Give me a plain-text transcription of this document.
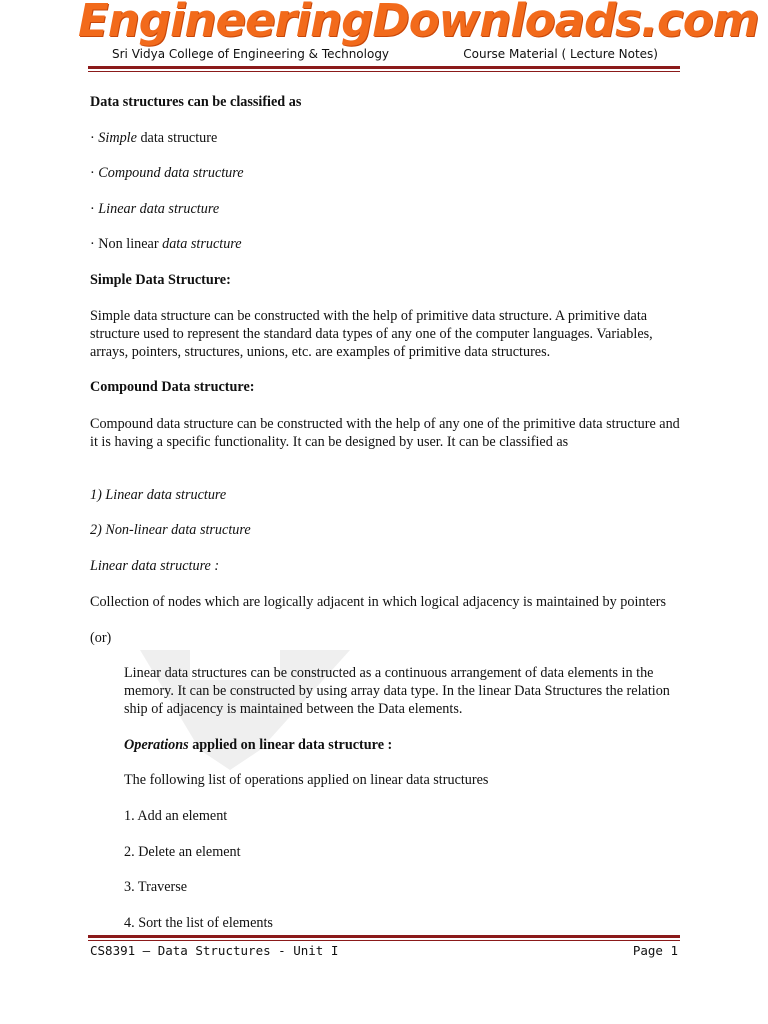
EngineeringDownloads.com
Sri Vidya College of Engineering & Technology	Course Material ( Lecture Notes)

Data structures can be classified as

· Simple data structure

· Compound data structure

· Linear data structure

· Non linear data structure

Simple Data Structure:

Simple data structure can be constructed with the help of primitive data structure. A primitive data structure used to represent the standard data types of any one of the computer languages. Variables, arrays, pointers, structures, unions, etc. are examples of primitive data structures.

Compound Data structure:

Compound data structure can be constructed with the help of any one of the primitive data structure and it is having a specific functionality. It can be designed by user. It can be classified as

1) Linear data structure

2) Non-linear data structure

Linear data structure :

Collection of nodes which are logically adjacent in which logical adjacency is maintained by pointers

(or)

Linear data structures can be constructed as a continuous arrangement of data elements in the memory. It can be constructed by using array data type. In the linear Data Structures the relation ship of adjacency is maintained between the Data elements.

Operations applied on linear data structure :

The following list of operations applied on linear data structures

1. Add an element

2. Delete an element

3. Traverse

4. Sort the list of elements

CS8391 – Data Structures - Unit I	Page 1
